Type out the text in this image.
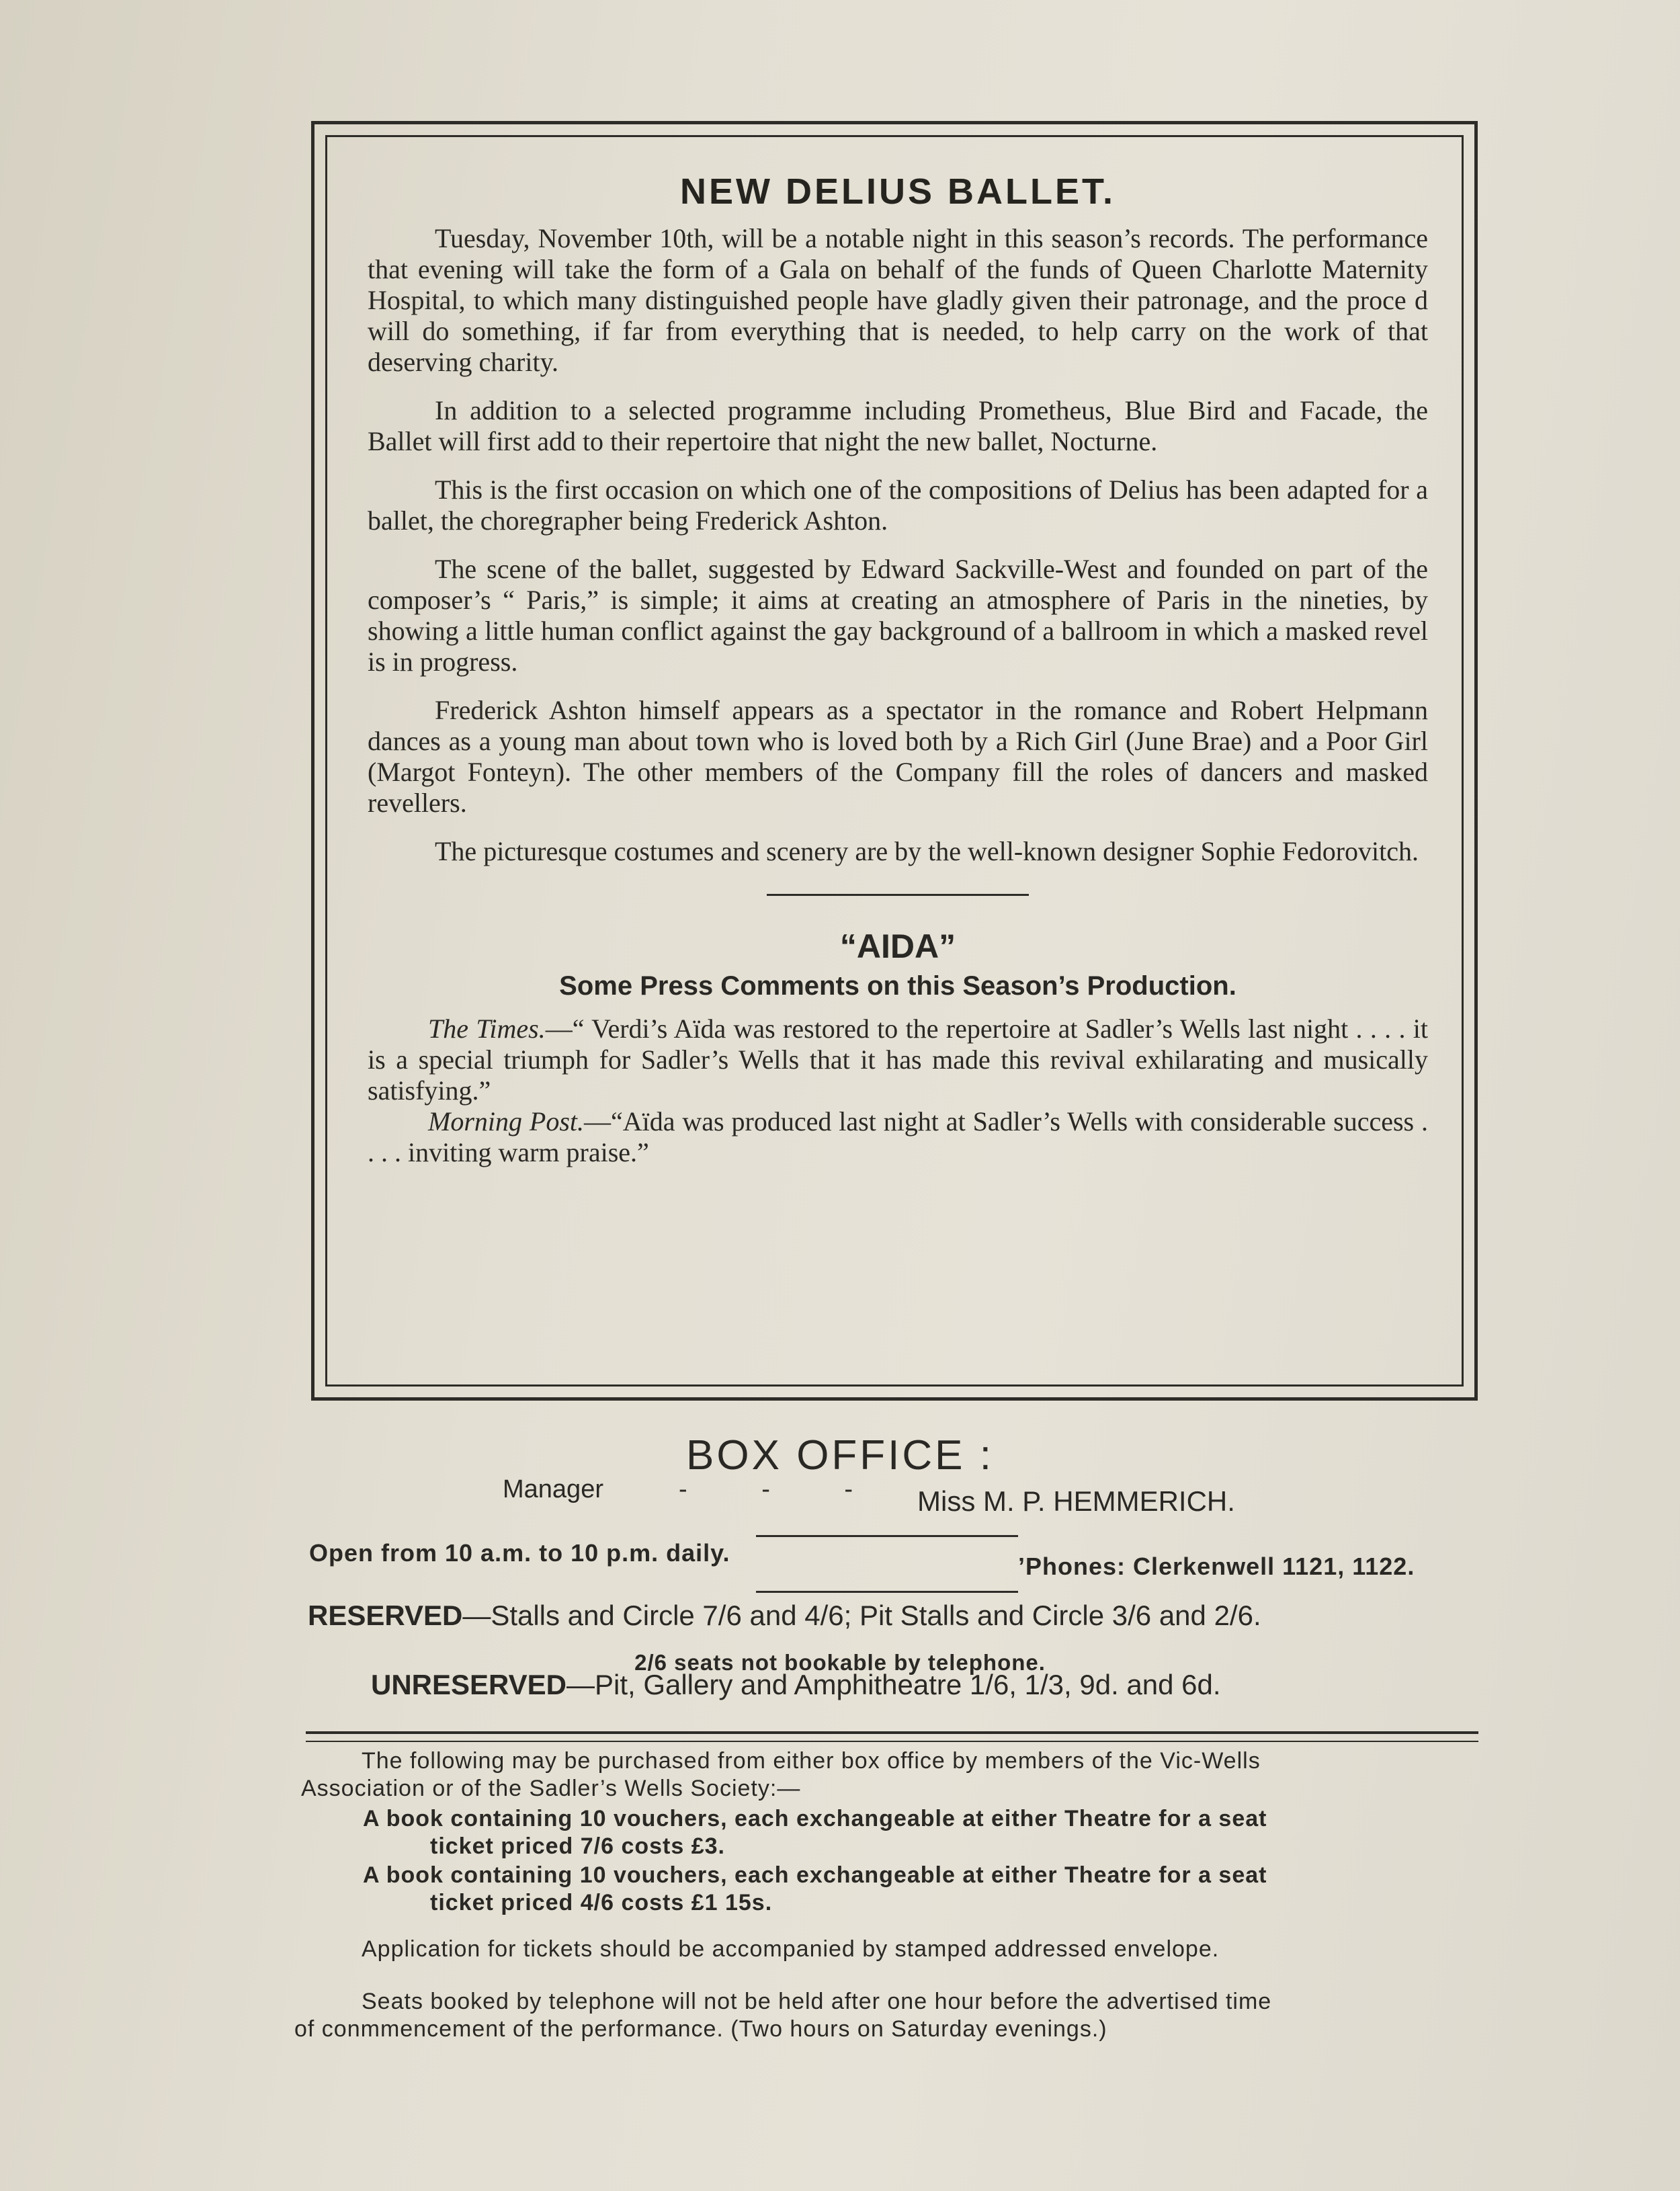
NEW DELIUS BALLET.

Tuesday, November 10th, will be a notable night in this season’s records. The performance that evening will take the form of a Gala on behalf of the funds of Queen Charlotte Maternity Hospital, to which many distinguished people have gladly given their patronage, and the proce d will do something, if far from everything that is needed, to help carry on the work of that deserving charity.

In addition to a selected programme including Prometheus, Blue Bird and Facade, the Ballet will first add to their repertoire that night the new ballet, Nocturne.

This is the first occasion on which one of the compositions of Delius has been adapted for a ballet, the choregrapher being Frederick Ashton.

The scene of the ballet, suggested by Edward Sackville-West and founded on part of the composer’s “ Paris,” is simple; it aims at creating an atmosphere of Paris in the nineties, by showing a little human conflict against the gay background of a ballroom in which a masked revel is in progress.

Frederick Ashton himself appears as a spectator in the romance and Robert Helpmann dances as a young man about town who is loved both by a Rich Girl (June Brae) and a Poor Girl (Margot Fonteyn). The other members of the Company fill the roles of dancers and masked revellers.

The picturesque costumes and scenery are by the well-known designer Sophie Fedorovitch.

“AIDA”
Some Press Comments on this Season’s Production.

The Times.—“ Verdi’s Aïda was restored to the repertoire at Sadler’s Wells last night . . . . it is a special triumph for Sadler’s Wells that it has made this revival exhilarating and musically satisfying.”

Morning Post.—“Aïda was produced last night at Sadler’s Wells with considerable success . . . . inviting warm praise.”

BOX OFFICE :
Manager	- - - Miss M. P. HEMMERICH.
Open from 10 a.m. to 10 p.m. daily.	’Phones: Clerkenwell 1121, 1122.
RESERVED—Stalls and Circle 7/6 and 4/6; Pit Stalls and Circle 3/6 and 2/6.
2/6 seats not bookable by telephone.
UNRESERVED—Pit, Gallery and Amphitheatre 1/6, 1/3, 9d. and 6d.
The following may be purchased from either box office by members of the Vic-Wells
Association or of the Sadler’s Wells Society:—
A book containing 10 vouchers, each exchangeable at either Theatre for a seat
ticket priced 7/6 costs £3.
A book containing 10 vouchers, each exchangeable at either Theatre for a seat
ticket priced 4/6 costs £1 15s.
Application for tickets should be accompanied by stamped addressed envelope.
Seats booked by telephone will not be held after one hour before the advertised time
of conmmencement of the performance. (Two hours on Saturday evenings.)
